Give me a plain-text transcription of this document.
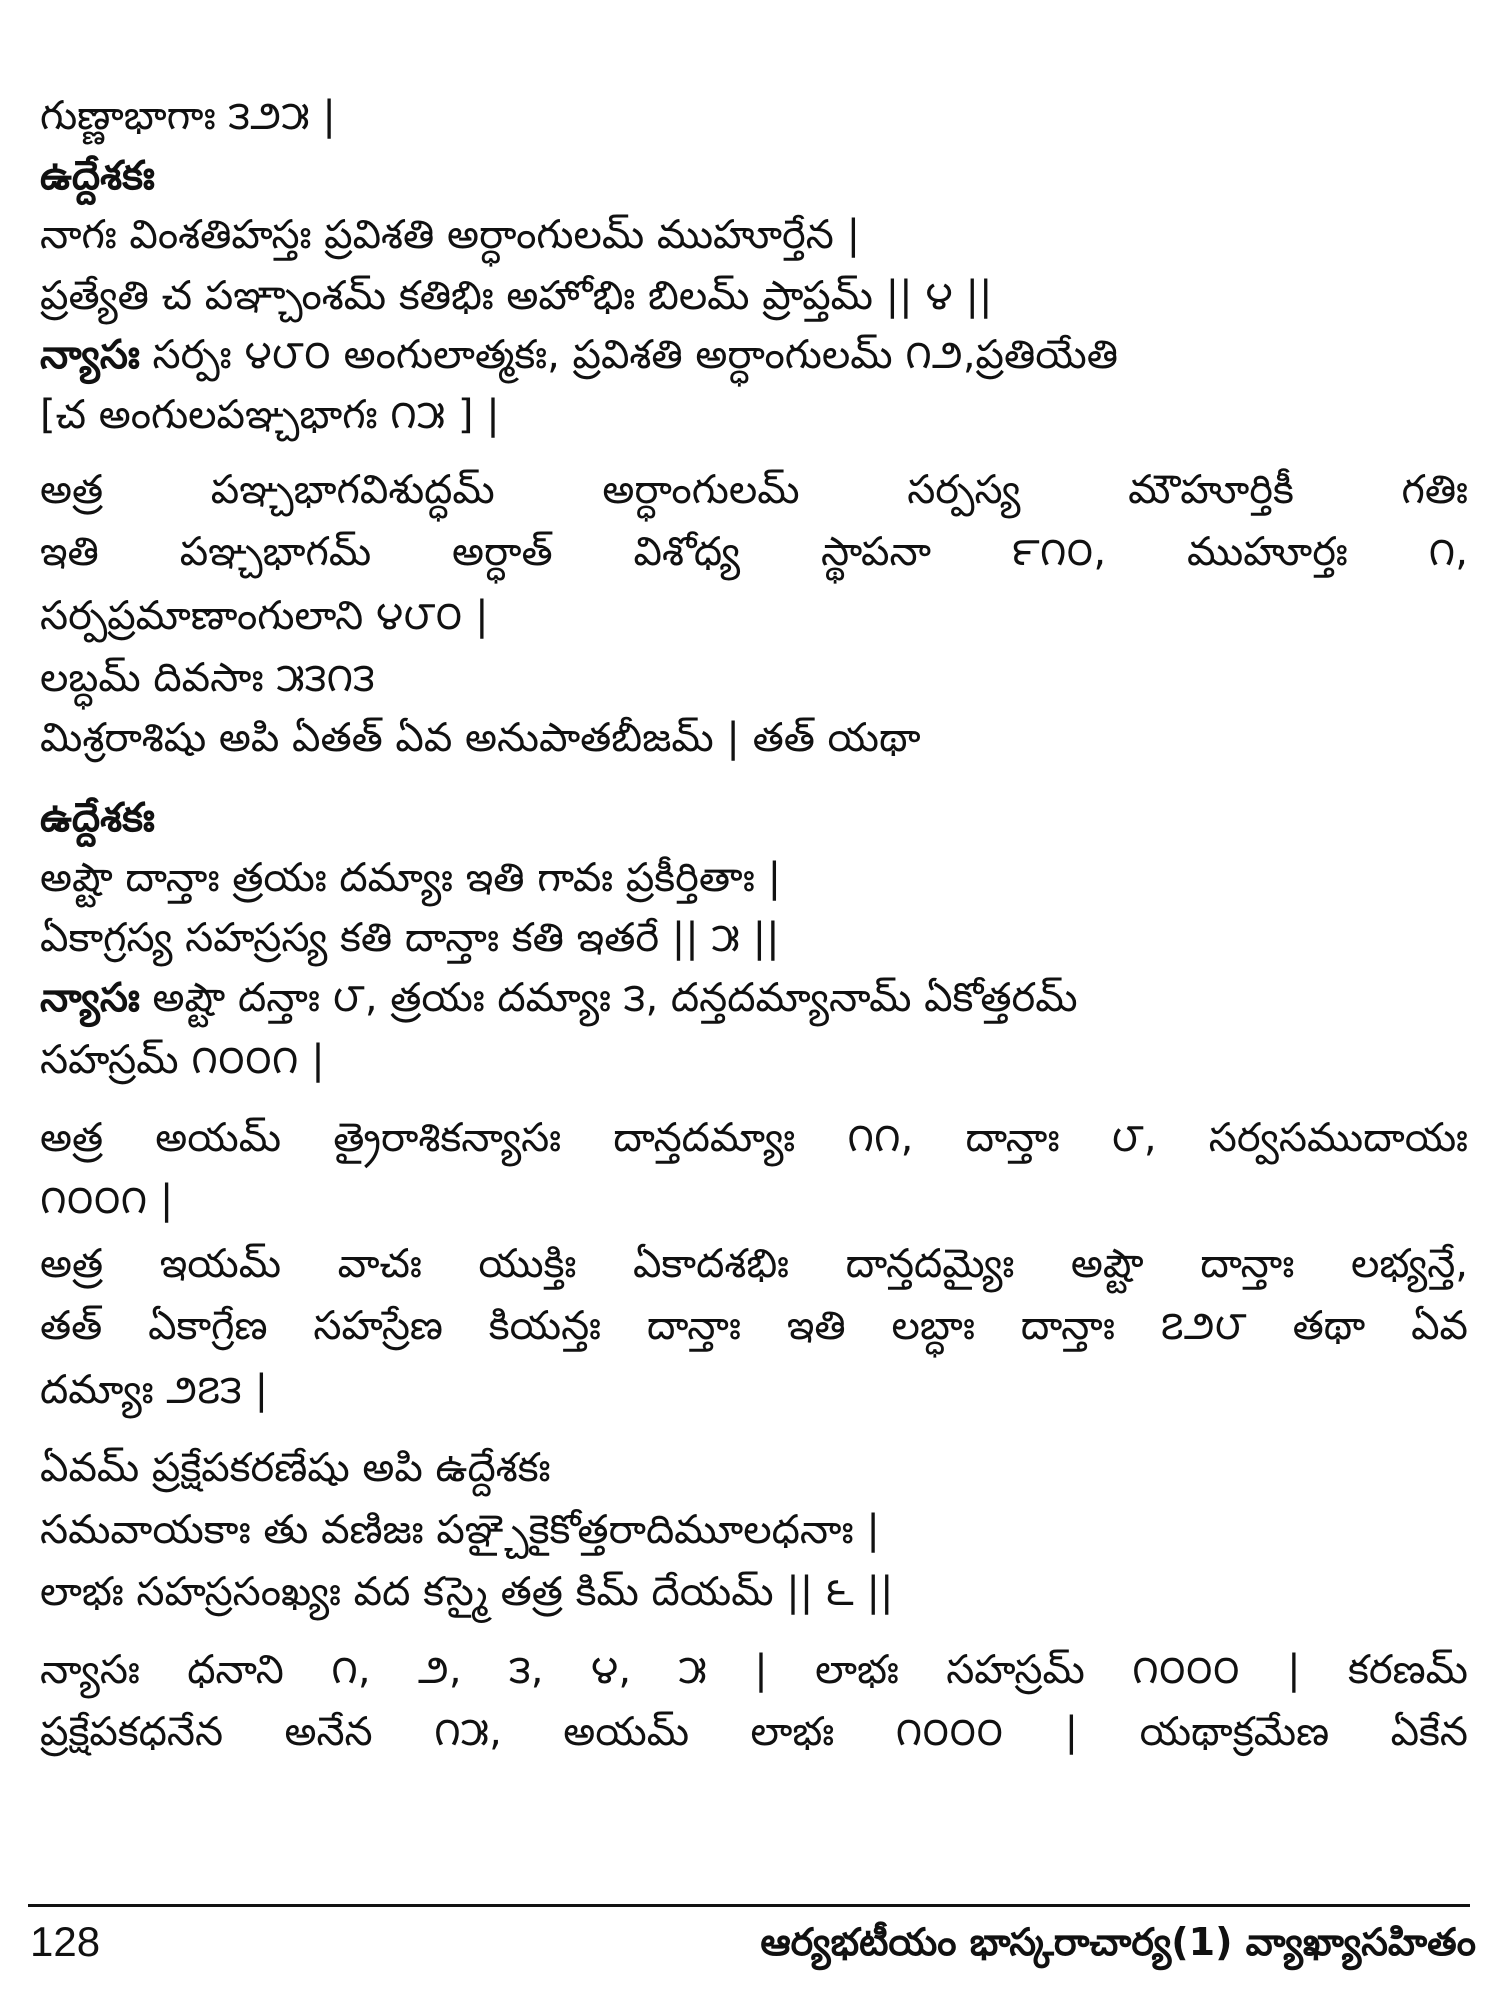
గుణ్ణాభాగాః ౩౨౫ |
ఉద్దేశకః
నాగః వింశతిహస్తః ప్రవిశతి అర్ధాంగులమ్ ముహూర్తేన |
ప్రత్యేతి చ పఞ్చాంశమ్ కతిభిః అహోభిః బిలమ్ ప్రాప్తమ్ || ౪ ||
న్యాసః సర్పః ౪౮౦ అంగులాత్మకః, ప్రవిశతి అర్ధాంగులమ్ ౧౨,ప్రతియేతి
[చ అంగులపఞ్చభాగః ౧౫ ] |
అత్ర పఞ్చభాగవిశుద్ధమ్ అర్ధాంగులమ్ సర్పస్య మౌహూర్తికీ గతిః
ఇతి పఞ్చభాగమ్ అర్ధాత్ విశోధ్య స్థాపనా ౯౧౦, ముహూర్తః ౧,
సర్పప్రమాణాంగులాని ౪౮౦ |
లబ్ధమ్ దివసాః ౫౩౧౩
మిశ్రరాశిషు అపి ఏతత్ ఏవ అనుపాతబీజమ్ | తత్ యథా
ఉద్దేశకః
అష్టౌ దాన్తాః త్రయః దమ్యాః ఇతి గావః ప్రకీర్తితాః |
ఏకాగ్రస్య సహస్రస్య కతి దాన్తాః కతి ఇతరే || ౫ ||
న్యాసః అష్టౌ దన్తాః ౮, త్రయః దమ్యాః ౩, దన్తదమ్యానామ్ ఏకోత్తరమ్
సహస్రమ్ ౧౦౦౧ |
అత్ర అయమ్ త్రైరాశికన్యాసః దాన్తదమ్యాః ౧౧, దాన్తాః ౮, సర్వసముదాయః
౧౦౦౧ |
అత్ర ఇయమ్ వాచః యుక్తిః ఏకాదశభిః దాన్తదమ్యైః అష్టౌ దాన్తాః లభ్యన్తే,
తత్ ఏకాగ్రేణ సహస్రేణ కియన్తః దాన్తాః ఇతి లబ్ధాః దాన్తాః ౭౨౮ తథా ఏవ
దమ్యాః ౨౭౩ |
ఏవమ్ ప్రక్షేపకరణేషు అపి ఉద్దేశకః
సమవాయకాః తు వణిజః పఞ్చైకైకోత్తరాదిమూలధనాః |
లాభః సహస్రసంఖ్యః వద కస్మై తత్ర కిమ్ దేయమ్ || ౬ ||
న్యాసః ధనాని ౧, ౨, ౩, ౪, ౫ | లాభః సహస్రమ్ ౧౦౦౦ | కరణమ్
ప్రక్షేపకధనేన అనేన ౧౫, అయమ్ లాభః ౧౦౦౦ | యథాక్రమేణ ఏకేన
128	ఆర్యభటీయం భాస్కరాచార్య(1) వ్యాఖ్యాసహితం
